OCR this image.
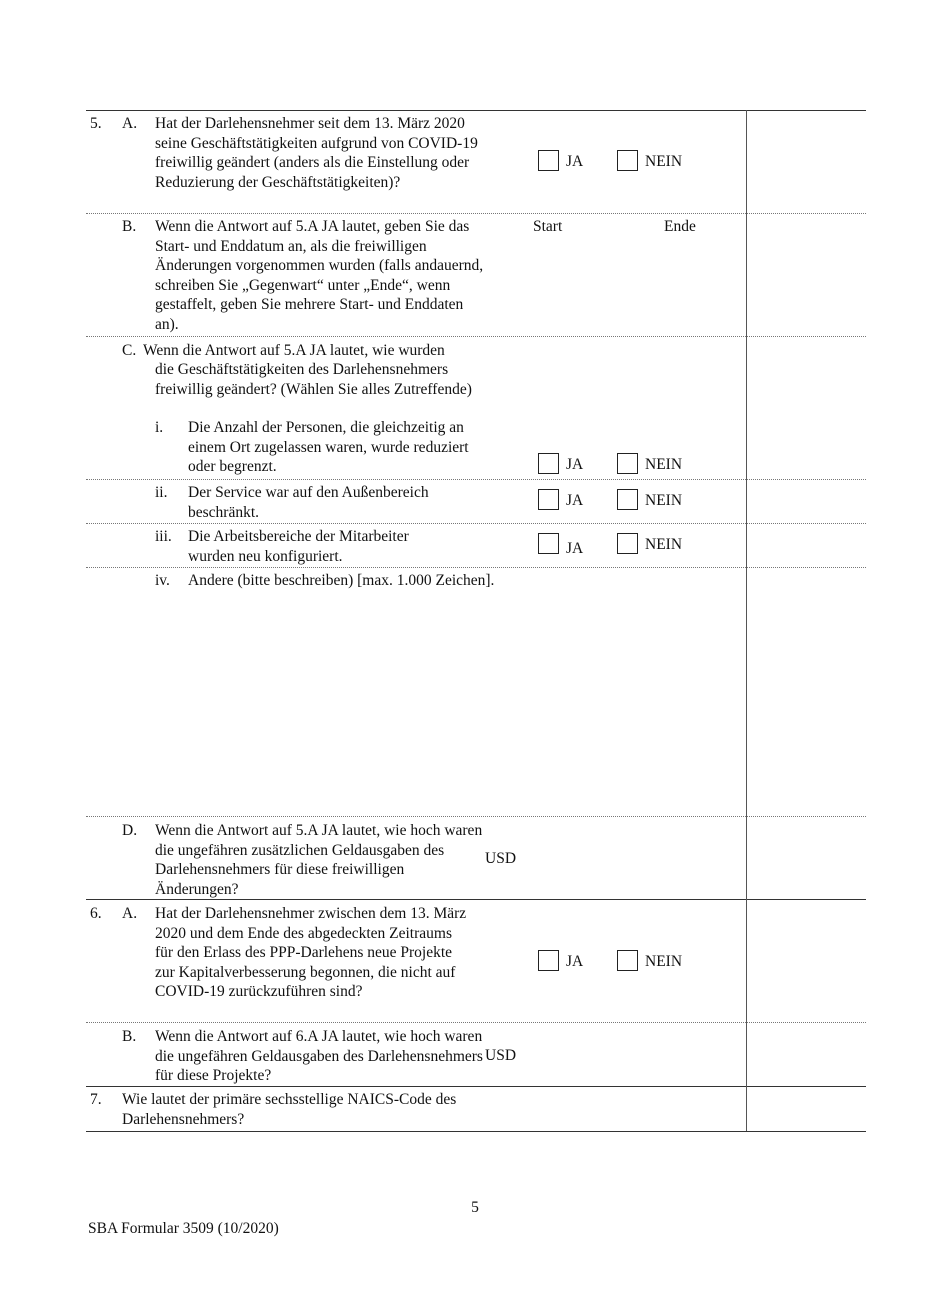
5. A. Hat der Darlehensnehmer seit dem 13. März 2020 seine Geschäftstätigkeiten aufgrund von COVID-19 freiwillig geändert (anders als die Einstellung oder Reduzierung der Geschäftstätigkeiten)?
JA	NEIN
B. Wenn die Antwort auf 5.A JA lautet, geben Sie das Start- und Enddatum an, als die freiwilligen Änderungen vorgenommen wurden (falls andauernd, schreiben Sie „Gegenwart“ unter „Ende“, wenn gestaffelt, geben Sie mehrere Start- und Enddaten an).
Start	Ende
C. Wenn die Antwort auf 5.A JA lautet, wie wurden
die Geschäftstätigkeiten des Darlehensnehmers freiwillig geändert? (Wählen Sie alles Zutreffende)
i. Die Anzahl der Personen, die gleichzeitig an einem Ort zugelassen waren, wurde reduziert oder begrenzt.	JA	NEIN
ii. Der Service war auf den Außenbereich beschränkt.
JA	NEIN
iii. Die Arbeitsbereiche der Mitarbeiter wurden neu konfiguriert.	JA	NEIN
iv. Andere (bitte beschreiben) [max. 1.000 Zeichen].
D. Wenn die Antwort auf 5.A JA lautet, wie hoch waren die ungefähren zusätzlichen Geldausgaben des Darlehensnehmers für diese freiwilligen Änderungen?
USD
6. A. Hat der Darlehensnehmer zwischen dem 13. März 2020 und dem Ende des abgedeckten Zeitraums für den Erlass des PPP-Darlehens neue Projekte zur Kapitalverbesserung begonnen, die nicht auf COVID-19 zurückzuführen sind?
JA	NEIN
B. Wenn die Antwort auf 6.A JA lautet, wie hoch waren die ungefähren Geldausgaben des Darlehensnehmers für diese Projekte?
USD
7. Wie lautet der primäre sechsstellige NAICS-Code des Darlehensnehmers?
5
SBA Formular 3509 (10/2020)
